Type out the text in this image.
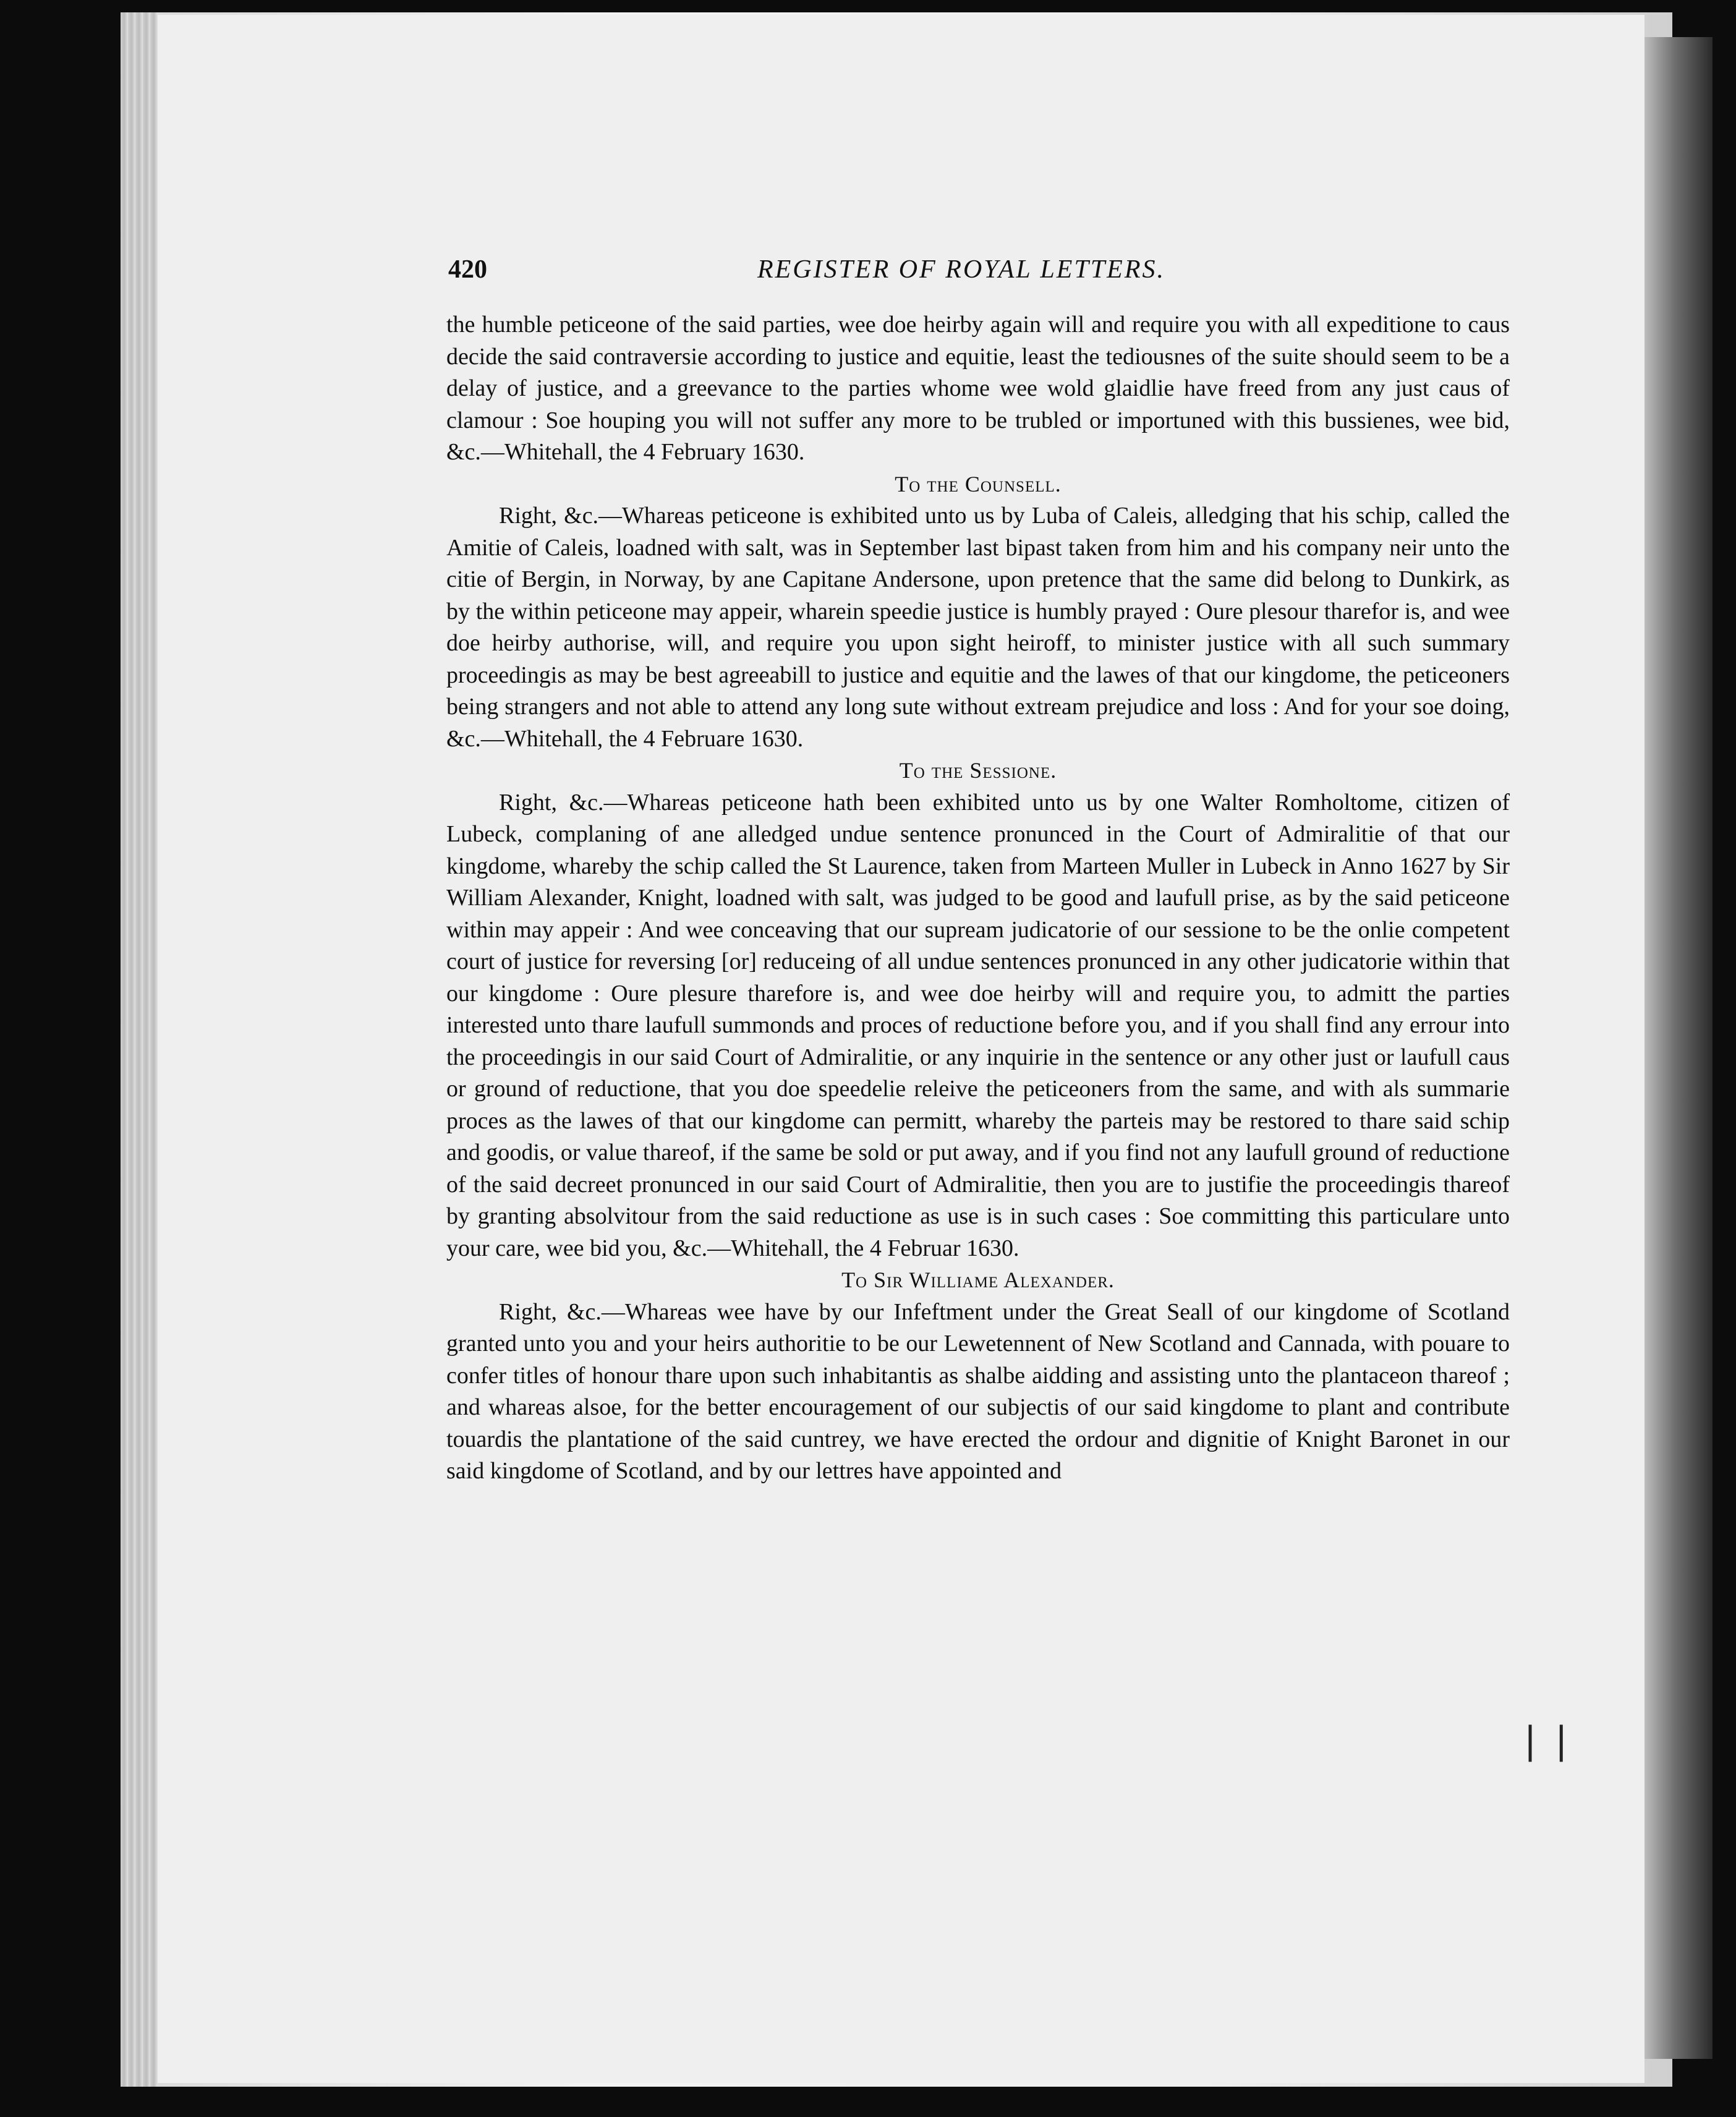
420	REGISTER OF ROYAL LETTERS.

the humble peticeone of the said parties, wee doe heirby again will and require you with all expeditione to caus decide the said contraversie according to justice and equitie, least the tediousnes of the suite should seem to be a delay of justice, and a greevance to the parties whome wee wold glaidlie have freed from any just caus of clamour : Soe houping you will not suffer any more to be trubled or importuned with this bussienes, wee bid, &c.—Whitehall, the 4 February 1630.

To the Counsell.

Right, &c.—Whareas peticeone is exhibited unto us by Luba of Caleis, alledging that his schip, called the Amitie of Caleis, loadned with salt, was in September last bipast taken from him and his company neir unto the citie of Bergin, in Norway, by ane Capitane Andersone, upon pretence that the same did belong to Dunkirk, as by the within peticeone may appeir, wharein speedie justice is humbly prayed : Oure plesour tharefor is, and wee doe heirby authorise, will, and require you upon sight heiroff, to minister justice with all such summary proceedingis as may be best agreeabill to justice and equitie and the lawes of that our kingdome, the peticeoners being strangers and not able to attend any long sute without extream prejudice and loss : And for your soe doing, &c.—Whitehall, the 4 Februare 1630.

To the Sessione.

Right, &c.—Whareas peticeone hath been exhibited unto us by one Walter Romholtome, citizen of Lubeck, complaning of ane alledged undue sentence pronunced in the Court of Admiralitie of that our kingdome, whareby the schip called the St Laurence, taken from Marteen Muller in Lubeck in Anno 1627 by Sir William Alexander, Knight, loadned with salt, was judged to be good and laufull prise, as by the said peticeone within may appeir : And wee conceaving that our supream judicatorie of our sessione to be the onlie competent court of justice for reversing [or] reduceing of all undue sentences pronunced in any other judicatorie within that our kingdome : Oure plesure tharefore is, and wee doe heirby will and require you, to admitt the parties interested unto thare laufull summonds and proces of reductione before you, and if you shall find any errour into the proceedingis in our said Court of Admiralitie, or any inquirie in the sentence or any other just or laufull caus or ground of reductione, that you doe speedelie releive the peticeoners from the same, and with als summarie proces as the lawes of that our kingdome can permitt, whareby the parteis may be restored to thare said schip and goodis, or value thareof, if the same be sold or put away, and if you find not any laufull ground of reductione of the said decreet pronunced in our said Court of Admiralitie, then you are to justifie the proceedingis thareof by granting absolvitour from the said reductione as use is in such cases : Soe committing this particulare unto your care, wee bid you, &c.—Whitehall, the 4 Februar 1630.

To Sir Williame Alexander.

Right, &c.—Whareas wee have by our Infeftment under the Great Seall of our kingdome of Scotland granted unto you and your heirs authoritie to be our Lewetennent of New Scotland and Cannada, with pouare to confer titles of honour thare upon such inhabitantis as shalbe aidding and assisting unto the plantaceon thareof ; and whareas alsoe, for the better encouragement of our subjectis of our said kingdome to plant and contribute touardis the plantatione of the said cuntrey, we have erected the ordour and dignitie of Knight Baronet in our said kingdome of Scotland, and by our lettres have appointed and

❘❘
